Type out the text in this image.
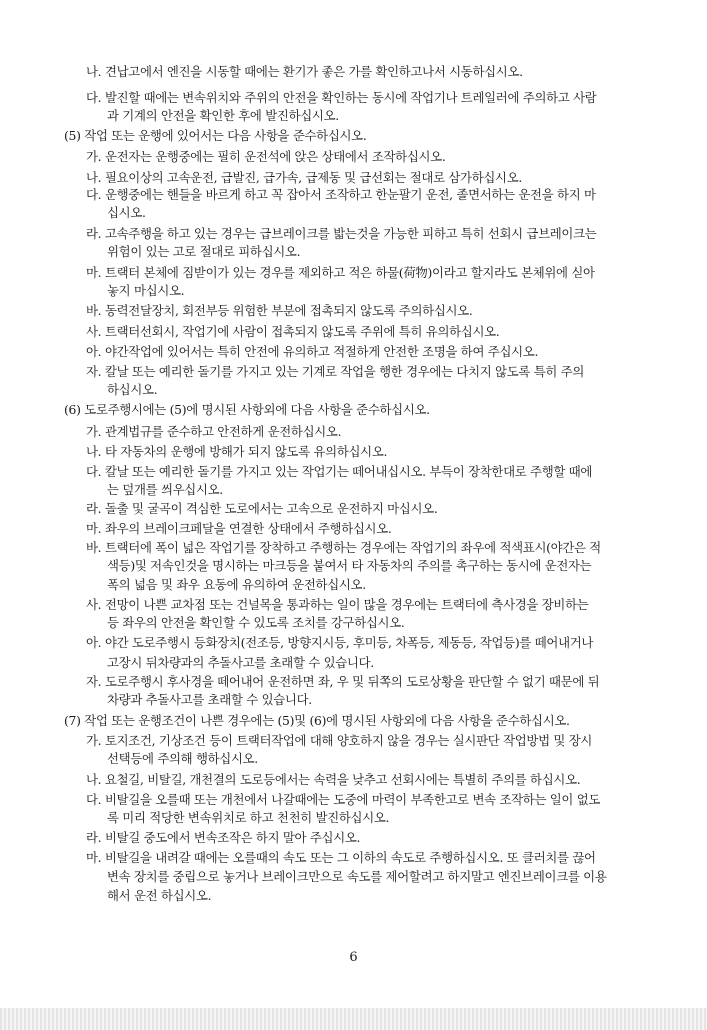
나. 견납고에서 엔진을 시동할 때에는 환기가 좋은 가를 확인하고나서 시동하십시오.
다. 발진할 때에는 변속위치와 주위의 안전을 확인하는 동시에 작업기나 트레일러에 주의하고 사람
과 기계의 안전을 확인한 후에 발진하십시오.
(5) 작업 또는 운행에 있어서는 다음 사항을 준수하십시오.
가. 운전자는 운행중에는 필히 운전석에 앉은 상태에서 조작하십시오.
나. 필요이상의 고속운전, 급발진, 급가속, 급제동 및 급선회는 절대로 삼가하십시오.
다. 운행중에는 핸들을 바르게 하고 꼭 잡아서 조작하고 한눈팔기 운전, 졸면서하는 운전을 하지 마
십시오.
라. 고속주행을 하고 있는 경우는 급브레이크를 밟는것을 가능한 피하고 특히 선회시 급브레이크는
위험이 있는 고로 절대로 피하십시오.
마. 트랙터 본체에 짐받이가 있는 경우를 제외하고 적은 하물(荷物)이라고 할지라도 본체위에 싣아
놓지 마십시오.
바. 동력전달장치, 회전부등 위험한 부분에 접촉되지 않도록 주의하십시오.
사. 트랙터선회시, 작업기에 사람이 접촉되지 않도록 주위에 특히 유의하십시오.
아. 야간작업에 있어서는 특히 안전에 유의하고 적절하게 안전한 조명을 하여 주십시오.
자. 칼날 또는 예리한 돌기를 가지고 있는 기계로 작업을 행한 경우에는 다치지 않도록 특히 주의
하십시오.
(6) 도로주행시에는 (5)에 명시된 사항외에 다음 사항을 준수하십시오.
가. 관계법규를 준수하고 안전하게 운전하십시오.
나. 타 자동차의 운행에 방해가 되지 않도록 유의하십시오.
다. 칼날 또는 예리한 돌기를 가지고 있는 작업기는 떼어내십시오. 부득이 장착한대로 주행할 때에
는 덮개를 씌우십시오.
라. 돌출 및 굴곡이 격심한 도로에서는 고속으로 운전하지 마십시오.
마. 좌우의 브레이크페달을 연결한 상태에서 주행하십시오.
바. 트랙터에 폭이 넓은 작업기를 장착하고 주행하는 경우에는 작업기의 좌우에 적색표시(야간은 적
색등)및 저속인것을 명시하는 마크등을 붙여서 타 자동차의 주의를 촉구하는 동시에 운전자는
폭의 넓음 및 좌우 요동에 유의하여 운전하십시오.
사. 전망이 나쁜 교차점 또는 건널목을 통과하는 일이 많을 경우에는 트랙터에 측사경을 장비하는
등 좌우의 안전을 확인할 수 있도록 조치를 강구하십시오.
아. 야간 도로주행시 등화장치(전조등, 방향지시등, 후미등, 차폭등, 제동등, 작업등)를 떼어내거나
고장시 뒤차량과의 추돌사고를 초래할 수 있습니다.
자. 도로주행시 후사경을 떼어내어 운전하면 좌, 우 및 뒤쪽의 도로상황을 판단할 수 없기 때문에 뒤
차량과 추돌사고를 초래할 수 있습니다.
(7) 작업 또는 운행조건이 나쁜 경우에는 (5)및 (6)에 명시된 사항외에 다음 사항을 준수하십시오.
가. 토지조건, 기상조건 등이 트랙터작업에 대해 양호하지 않을 경우는 실시판단 작업방법 및 장시
선택등에 주의해 행하십시오.
나. 요철길, 비탈길, 개천결의 도로등에서는 속력을 낮추고 선회시에는 특별히 주의를 하십시오.
다. 비탈길을 오를때 또는 개천에서 나갈때에는 도중에 마력이 부족한고로 변속 조작하는 일이 없도
록 미리 적당한 변속위치로 하고 천천히 발진하십시오.
라. 비탈길 중도에서 변속조작은 하지 말아 주십시오.
마. 비탈길을 내려갈 때에는 오를때의 속도 또는 그 이하의 속도로 주행하십시오. 또 클러치를 끊어
변속 장치를 중립으로 놓거나 브레이크만으로 속도를 제어할려고 하지말고 엔진브레이크를 이용
해서 운전 하십시오.
6
